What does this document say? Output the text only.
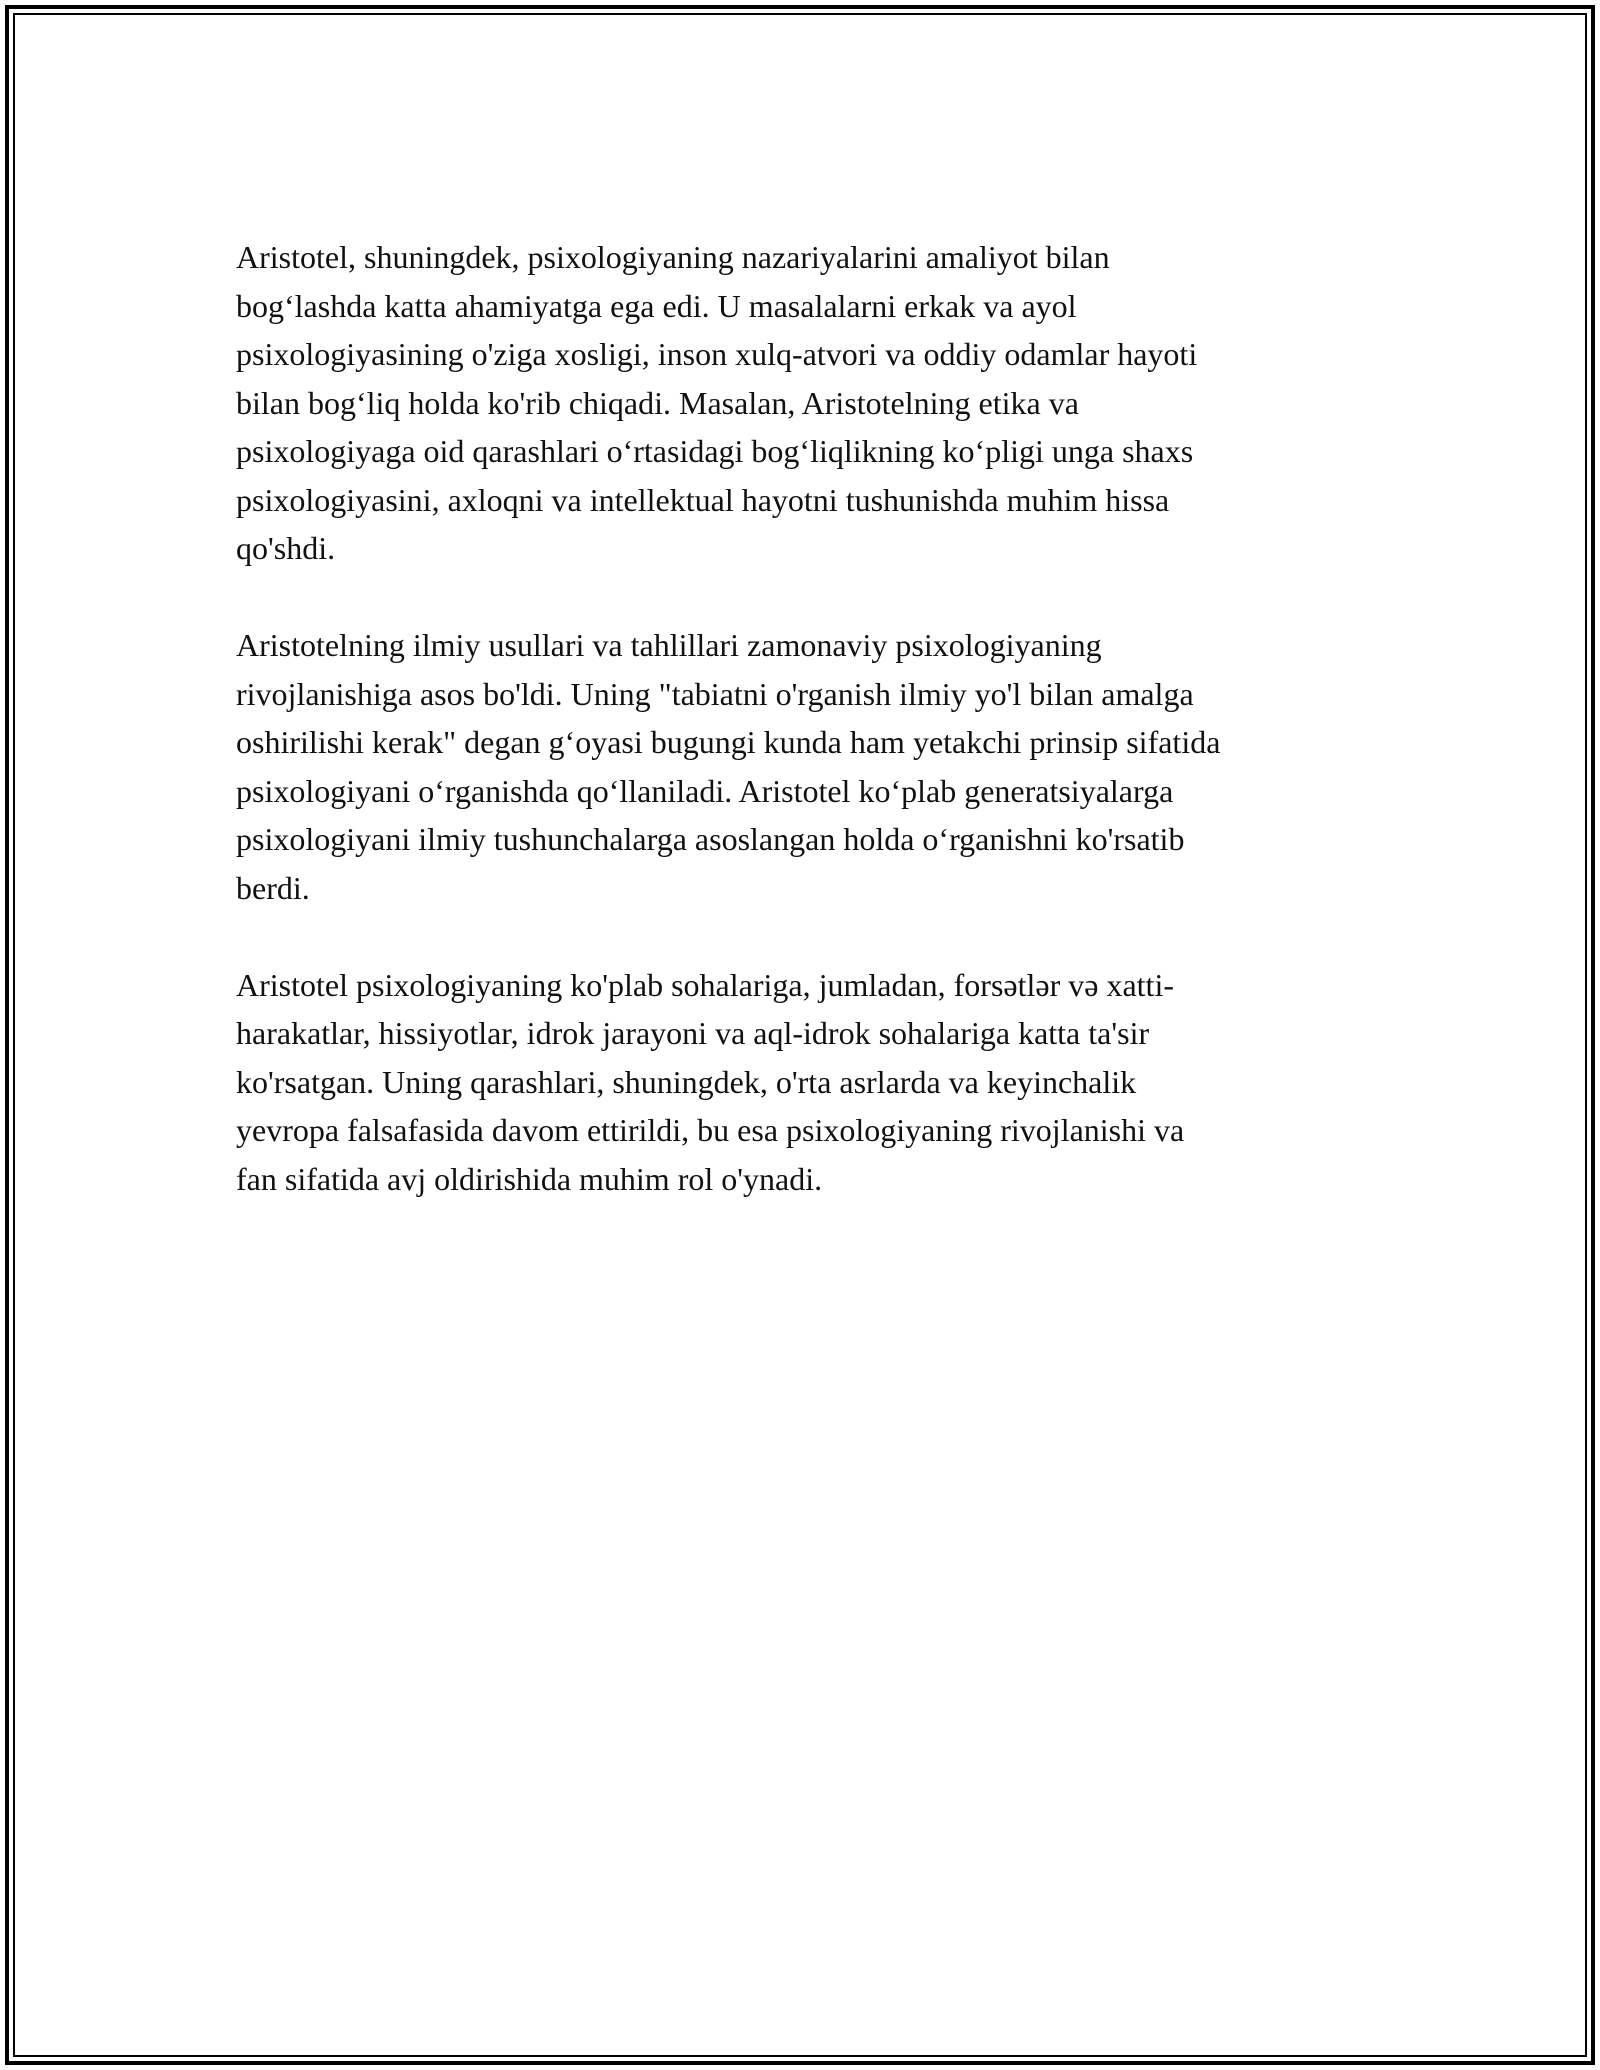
Aristotel, shuningdek, psixologiyaning nazariyalarini amaliyot bilan
bogʻlashda katta ahamiyatga ega edi. U masalalarni erkak va ayol
psixologiyasining o'ziga xosligi, inson xulq-atvori va oddiy odamlar hayoti
bilan bogʻliq holda ko'rib chiqadi. Masalan, Aristotelning etika va
psixologiyaga oid qarashlari oʻrtasidagi bogʻliqlikning koʻpligi unga shaxs
psixologiyasini, axloqni va intellektual hayotni tushunishda muhim hissa
qo'shdi.

Aristotelning ilmiy usullari va tahlillari zamonaviy psixologiyaning
rivojlanishiga asos bo'ldi. Uning "tabiatni o'rganish ilmiy yo'l bilan amalga
oshirilishi kerak" degan gʻoyasi bugungi kunda ham yetakchi prinsip sifatida
psixologiyani oʻrganishda qoʻllaniladi. Aristotel koʻplab generatsiyalarga
psixologiyani ilmiy tushunchalarga asoslangan holda oʻrganishni ko'rsatib
berdi.

Aristotel psixologiyaning ko'plab sohalariga, jumladan, forsətlər və xatti-
harakatlar, hissiyotlar, idrok jarayoni va aql-idrok sohalariga katta ta'sir
ko'rsatgan. Uning qarashlari, shuningdek, o'rta asrlarda va keyinchalik
yevropa falsafasida davom ettirildi, bu esa psixologiyaning rivojlanishi va
fan sifatida avj oldirishida muhim rol o'ynadi.
